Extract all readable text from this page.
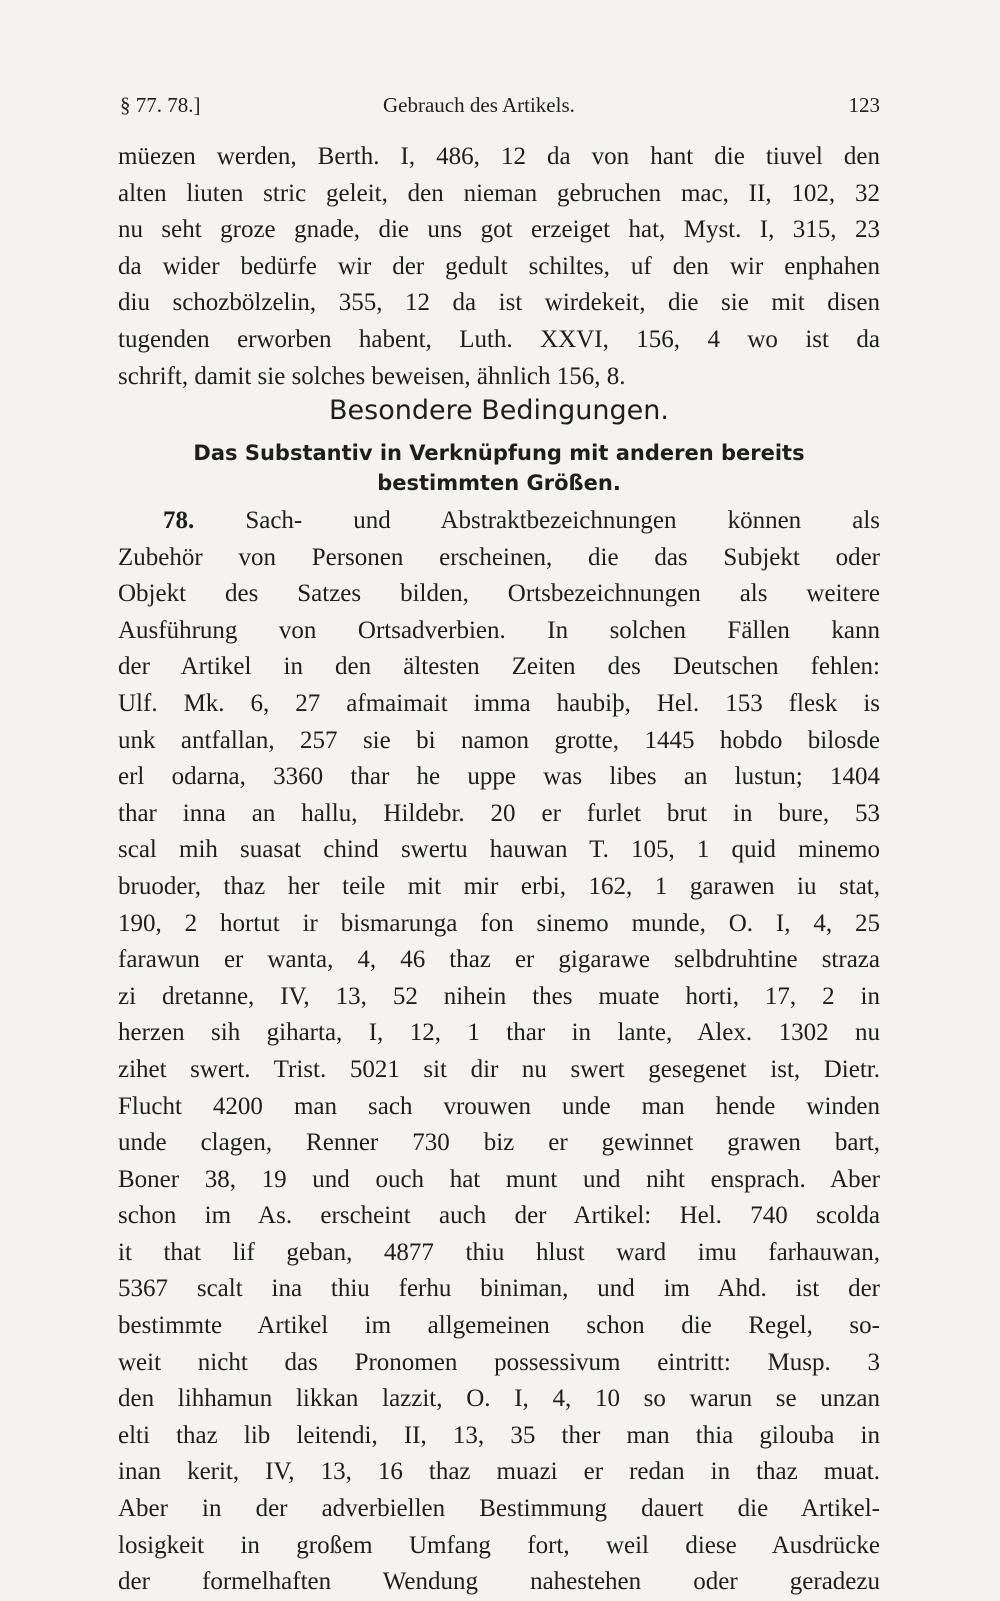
§ 77. 78.]	Gebrauch des Artikels.	123
müezen werden, Berth. I, 486, 12 da von hant die tiuvel den
alten liuten stric geleit, den nieman gebruchen mac, II, 102, 32
nu seht groze gnade, die uns got erzeiget hat, Myst. I, 315, 23
da wider bedürfe wir der gedult schiltes, uf den wir enphahen
diu schozbölzelin, 355, 12 da ist wirdekeit, die sie mit disen
tugenden erworben habent, Luth. XXVI, 156, 4 wo ist da
schrift, damit sie solches beweisen, ähnlich 156, 8.
Besondere Bedingungen.
Das Substantiv in Verknüpfung mit anderen bereits
bestimmten Größen.
78. Sach- und Abstraktbezeichnungen können als
Zubehör von Personen erscheinen, die das Subjekt oder
Objekt des Satzes bilden, Ortsbezeichnungen als weitere
Ausführung von Ortsadverbien. In solchen Fällen kann
der Artikel in den ältesten Zeiten des Deutschen fehlen:
Ulf. Mk. 6, 27 afmaimait imma haubiþ, Hel. 153 flesk is
unk antfallan, 257 sie bi namon grotte, 1445 hobdo bilosde
erl odarna, 3360 thar he uppe was libes an lustun; 1404
thar inna an hallu, Hildebr. 20 er furlet brut in bure, 53
scal mih suasat chind swertu hauwan T. 105, 1 quid minemo
bruoder, thaz her teile mit mir erbi, 162, 1 garawen iu stat,
190, 2 hortut ir bismarunga fon sinemo munde, O. I, 4, 25
farawun er wanta, 4, 46 thaz er gigarawe selbdruhtine straza
zi dretanne, IV, 13, 52 nihein thes muate horti, 17, 2 in
herzen sih giharta, I, 12, 1 thar in lante, Alex. 1302 nu
zihet swert. Trist. 5021 sit dir nu swert gesegenet ist, Dietr.
Flucht 4200 man sach vrouwen unde man hende winden
unde clagen, Renner 730 biz er gewinnet grawen bart,
Boner 38, 19 und ouch hat munt und niht ensprach. Aber
schon im As. erscheint auch der Artikel: Hel. 740 scolda
it that lif geban, 4877 thiu hlust ward imu farhauwan,
5367 scalt ina thiu ferhu biniman, und im Ahd. ist der
bestimmte Artikel im allgemeinen schon die Regel, so-
weit nicht das Pronomen possessivum eintritt: Musp. 3
den lihhamun likkan lazzit, O. I, 4, 10 so warun se unzan
elti thaz lib leitendi, II, 13, 35 ther man thia gilouba in
inan kerit, IV, 13, 16 thaz muazi er redan in thaz muat.
Aber in der adverbiellen Bestimmung dauert die Artikel-
losigkeit in großem Umfang fort, weil diese Ausdrücke
der formelhaften Wendung nahestehen oder geradezu
